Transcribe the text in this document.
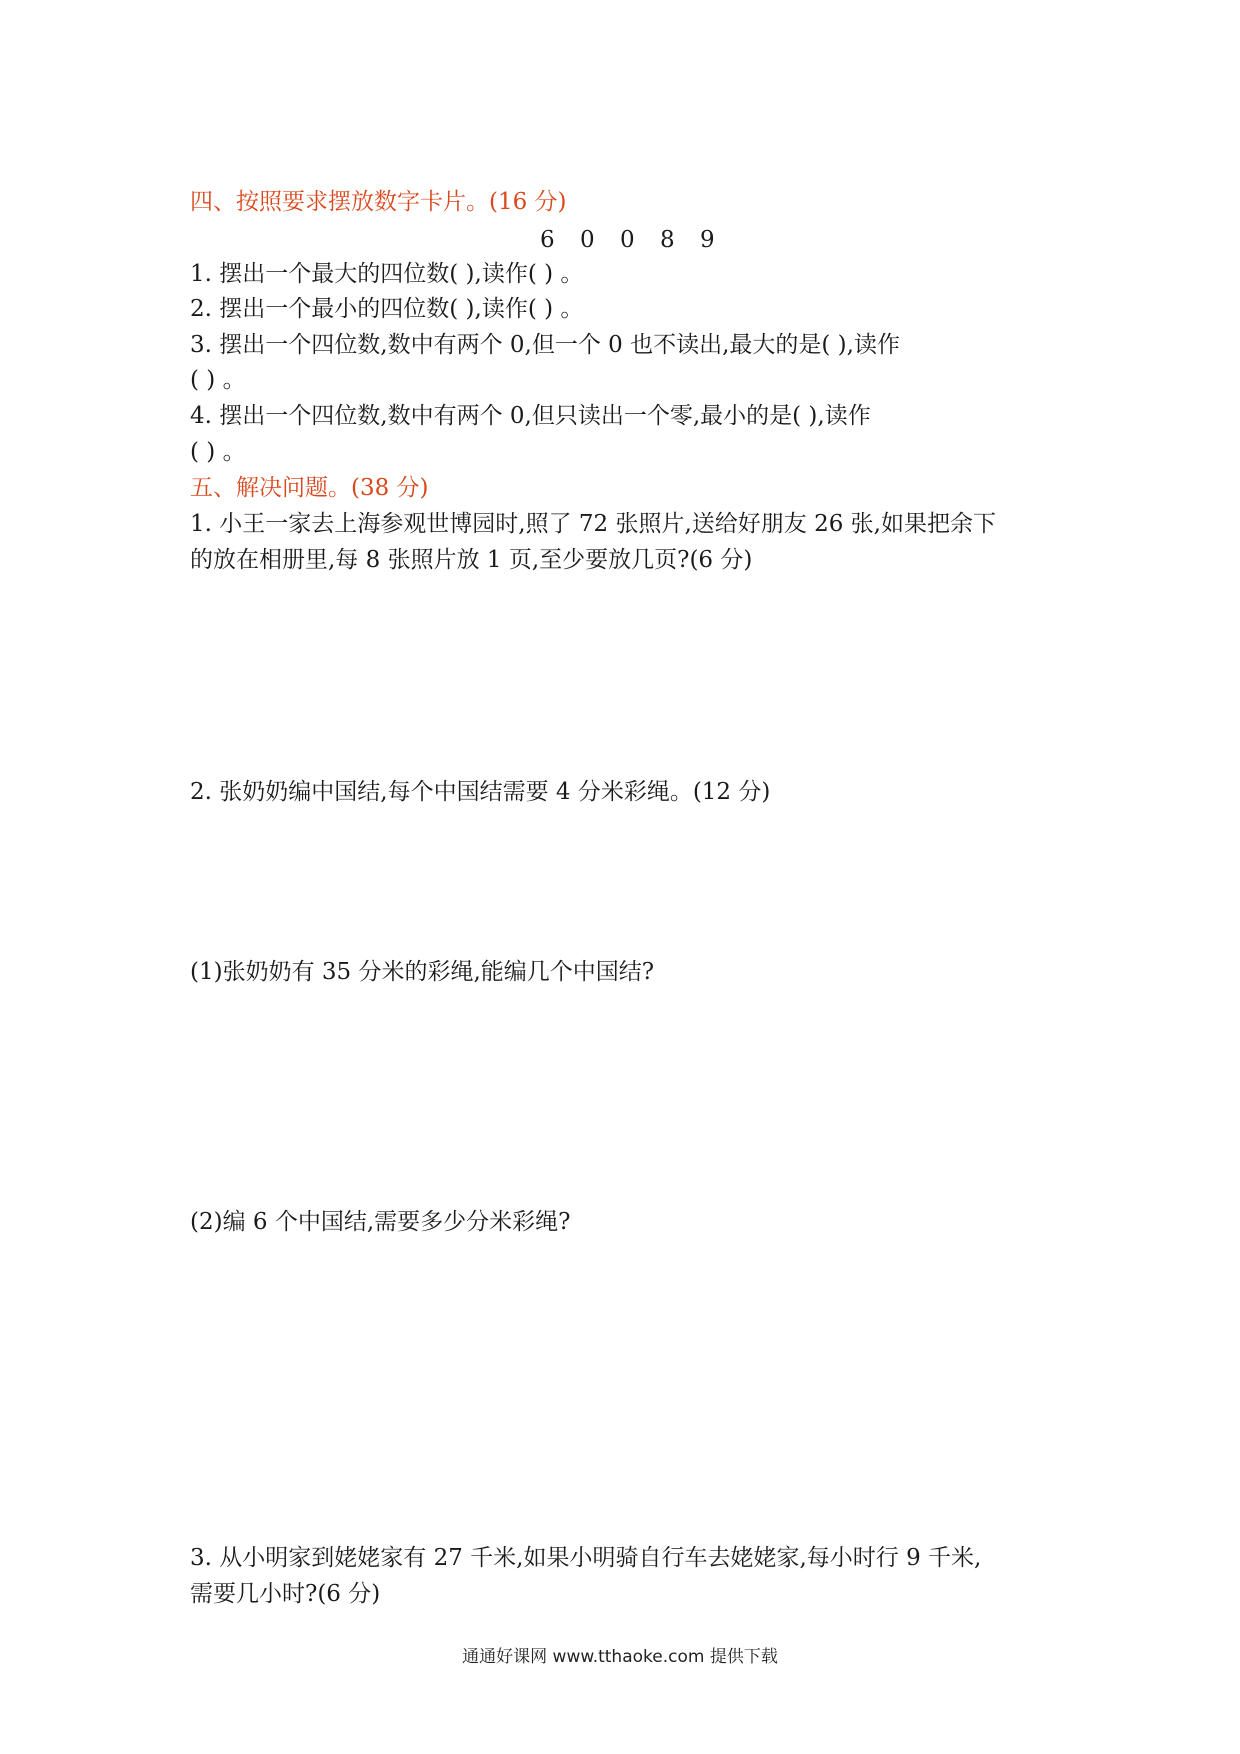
四、按照要求摆放数字卡片。(16 分)
6 0 0 8 9
1. 摆出一个最大的四位数( ),读作( ) 。
2. 摆出一个最小的四位数( ),读作( ) 。
3. 摆出一个四位数,数中有两个 0,但一个 0 也不读出,最大的是( ),读作
( ) 。
4. 摆出一个四位数,数中有两个 0,但只读出一个零,最小的是( ),读作
( ) 。
五、解决问题。(38 分)
1. 小王一家去上海参观世博园时,照了 72 张照片,送给好朋友 26 张,如果把余下
的放在相册里,每 8 张照片放 1 页,至少要放几页?(6 分)
2. 张奶奶编中国结,每个中国结需要 4 分米彩绳。(12 分)
(1)张奶奶有 35 分米的彩绳,能编几个中国结?
(2)编 6 个中国结,需要多少分米彩绳?
3. 从小明家到姥姥家有 27 千米,如果小明骑自行车去姥姥家,每小时行 9 千米,
需要几小时?(6 分)
通通好课网 www.tthaoke.com 提供下载
